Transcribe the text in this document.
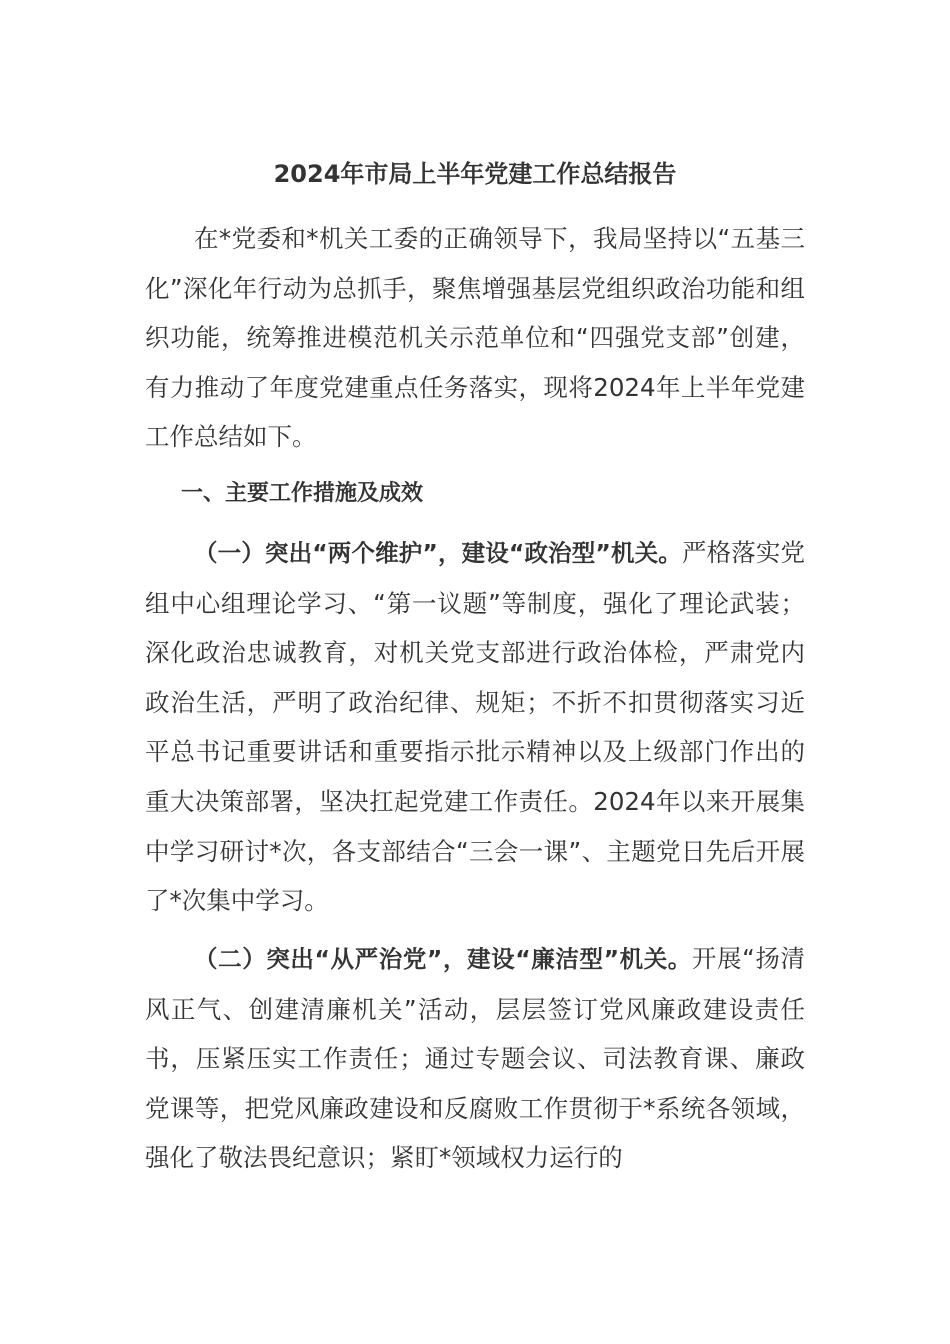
2024年市局上半年党建工作总结报告

在*党委和*机关工委的正确领导下，我局坚持以“五基三化”深化年行动为总抓手，聚焦增强基层党组织政治功能和组织功能，统筹推进模范机关示范单位和“四强党支部”创建，有力推动了年度党建重点任务落实，现将2024年上半年党建工作总结如下。

一、主要工作措施及成效

（一）突出“两个维护”，建设“政治型”机关。严格落实党组中心组理论学习、“第一议题”等制度，强化了理论武装；深化政治忠诚教育，对机关党支部进行政治体检，严肃党内政治生活，严明了政治纪律、规矩；不折不扣贯彻落实习近平总书记重要讲话和重要指示批示精神以及上级部门作出的重大决策部署，坚决扛起党建工作责任。2024年以来开展集中学习研讨*次，各支部结合“三会一课”、主题党日先后开展了*次集中学习。

（二）突出“从严治党”，建设“廉洁型”机关。开展“扬清风正气、创建清廉机关”活动，层层签订党风廉政建设责任书，压紧压实工作责任；通过专题会议、司法教育课、廉政党课等，把党风廉政建设和反腐败工作贯彻于*系统各领域，强化了敬法畏纪意识；紧盯*领域权力运行的
